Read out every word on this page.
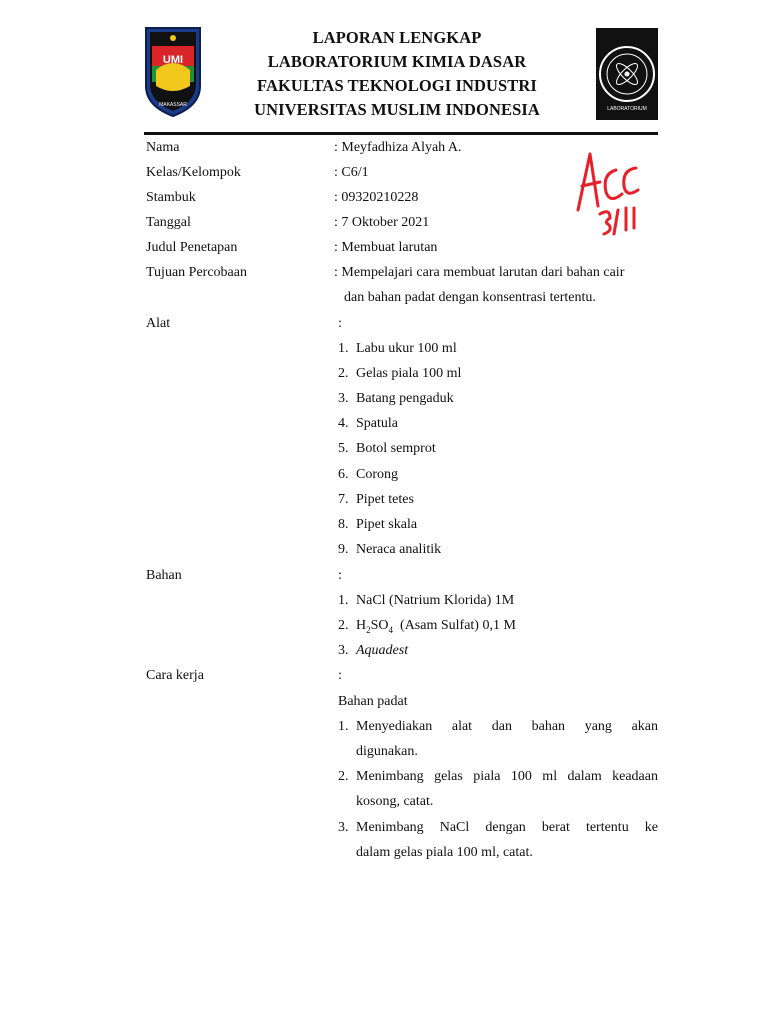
UMI
MAKASSAR
LAPORAN LENGKAP
LABORATORIUM KIMIA DASAR
FAKULTAS TEKNOLOGI INDUSTRI
UNIVERSITAS MUSLIM INDONESIA	LABORATORIUM
Nama	: Meyfadhiza Alyah A.
Kelas/Kelompok	: C6/1
Stambuk	: 09320210228
Tanggal	: 7 Oktober 2021
Judul Penetapan	: Membuat larutan
Tujuan Percobaan	: Mempelajari cara membuat larutan dari bahan cair
dan bahan padat dengan konsentrasi tertentu.
Alat	:
1. Labu ukur 100 ml
2. Gelas piala 100 ml
3. Batang pengaduk
4. Spatula
5. Botol semprot
6. Corong
7. Pipet tetes
8. Pipet skala
9. Neraca analitik
Bahan	:
1. NaCl (Natrium Klorida) 1M
2. $H_2SO_4$  (Asam Sulfat) 0,1 M
3. Aquadest
Cara kerja	:
Bahan padat
1. Menyediakan alat dan bahan yang akan
digunakan.
2. Menimbang gelas piala 100 ml dalam keadaan
kosong, catat.
3. Menimbang NaCl dengan berat tertentu ke
dalam gelas piala 100 ml, catat.
